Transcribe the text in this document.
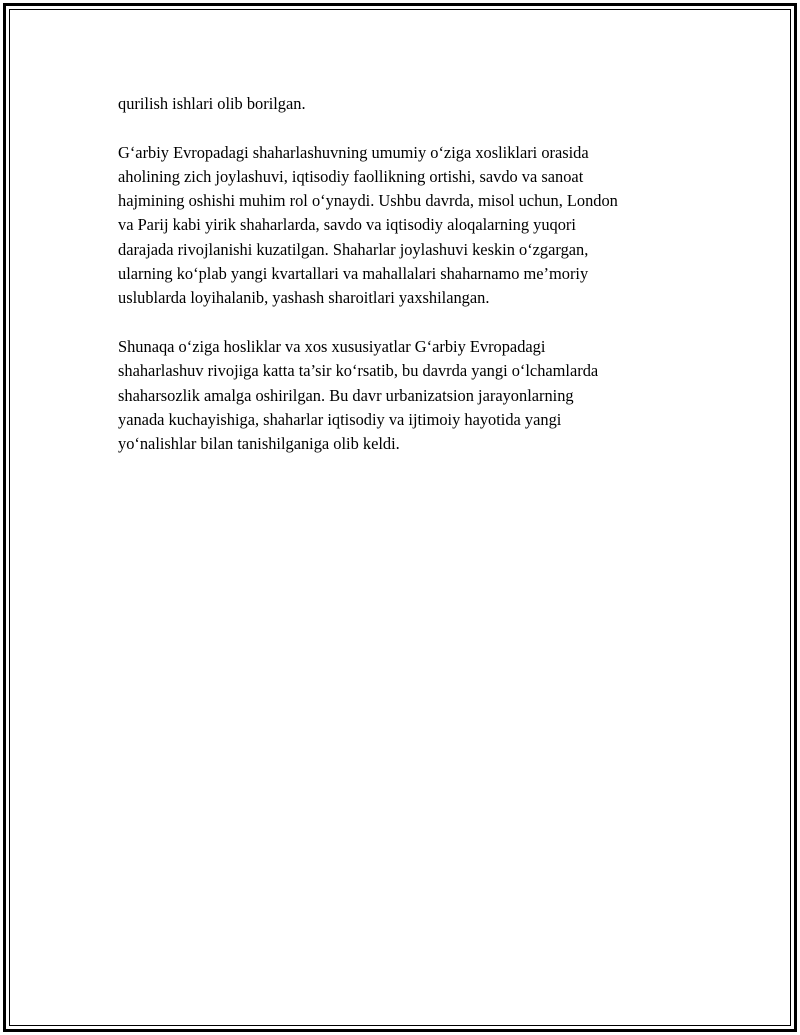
qurilish ishlari olib borilgan.

G‘arbiy Evropadagi shaharlashuvning umumiy o‘ziga xosliklari orasida
aholining zich joylashuvi, iqtisodiy faollikning ortishi, savdo va sanoat
hajmining oshishi muhim rol o‘ynaydi. Ushbu davrda, misol uchun, London
va Parij kabi yirik shaharlarda, savdo va iqtisodiy aloqalarning yuqori
darajada rivojlanishi kuzatilgan. Shaharlar joylashuvi keskin o‘zgargan,
ularning ko‘plab yangi kvartallari va mahallalari shaharnamo me’moriy
uslublarda loyihalanib, yashash sharoitlari yaxshilangan.

Shunaqa o‘ziga hosliklar va xos xususiyatlar G‘arbiy Evropadagi
shaharlashuv rivojiga katta ta’sir ko‘rsatib, bu davrda yangi o‘lchamlarda
shaharsozlik amalga oshirilgan. Bu davr urbanizatsion jarayonlarning
yanada kuchayishiga, shaharlar iqtisodiy va ijtimoiy hayotida yangi
yo‘nalishlar bilan tanishilganiga olib keldi.
